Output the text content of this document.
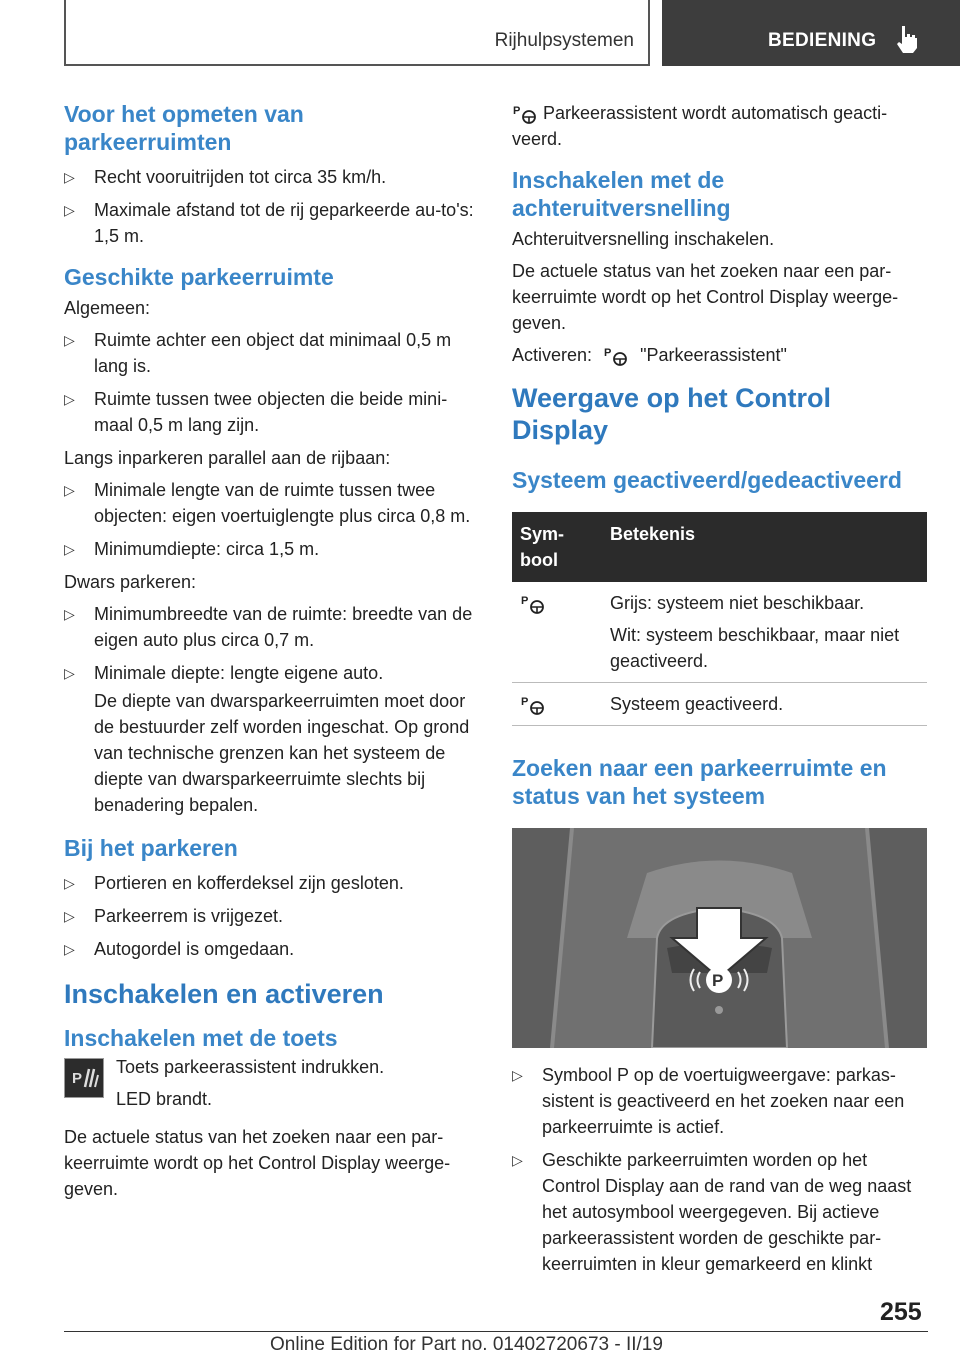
Rijhulpsystemen	BEDIENING
Voor het opmeten van parkeerruimten
▷ Recht vooruitrijden tot circa 35 km/h.
▷ Maximale afstand tot de rij geparkeerde au-to's: 1,5 m.
Geschikte parkeerruimte

Algemeen:

▷ Ruimte achter een object dat minimaal 0,5 m lang is.
▷ Ruimte tussen twee objecten die beide mini-maal 0,5 m lang zijn.

Langs inparkeren parallel aan de rijbaan:

▷ Minimale lengte van de ruimte tussen twee objecten: eigen voertuiglengte plus circa 0,8 m.
▷ Minimumdiepte: circa 1,5 m.

Dwars parkeren:

▷ Minimumbreedte van de ruimte: breedte van de eigen auto plus circa 0,7 m.
▷ Minimale diepte: lengte eigene auto.

De diepte van dwarsparkeerruimten moet door de bestuurder zelf worden ingeschat. Op grond van technische grenzen kan het systeem de diepte van dwarsparkeerruimte slechts bij benadering bepalen.

Bij het parkeren
▷ Portieren en kofferdeksel zijn gesloten.
▷ Parkeerrem is vrijgezet.
▷ Autogordel is omgedaan.
Inschakelen en activeren
Inschakelen met de toets
P

Toets parkeerassistent indrukken.

LED brandt.

De actuele status van het zoeken naar een par-keerruimte wordt op het Control Display weerge-geven.

P Parkeerassistent wordt automatisch geacti-veerd.

Inschakelen met de achteruitversnelling

Achteruitversnelling inschakelen.

De actuele status van het zoeken naar een par-keerruimte wordt op het Control Display weerge-geven.

Activeren: P "Parkeerassistent"

Weergave op het Control Display
Systeem geactiveerd/gedeactiveerd
Sym-bool	Betekenis

P	Grijs: systeem niet beschikbaar.

Wit: systeem beschikbaar, maar niet geactiveerd.

P	Systeem geactiveerd.
Zoeken naar een parkeerruimte en status van het systeem
P
▷ Symbool P op de voertuigweergave: parkas-sistent is geactiveerd en het zoeken naar een parkeerruimte is actief.
▷ Geschikte parkeerruimten worden op het Control Display aan de rand van de weg naast het autosymbool weergegeven. Bij actieve parkeerassistent worden de geschikte par-keerruimten in kleur gemarkeerd en klinkt
255
Online Edition for Part no. 01402720673 - II/19
